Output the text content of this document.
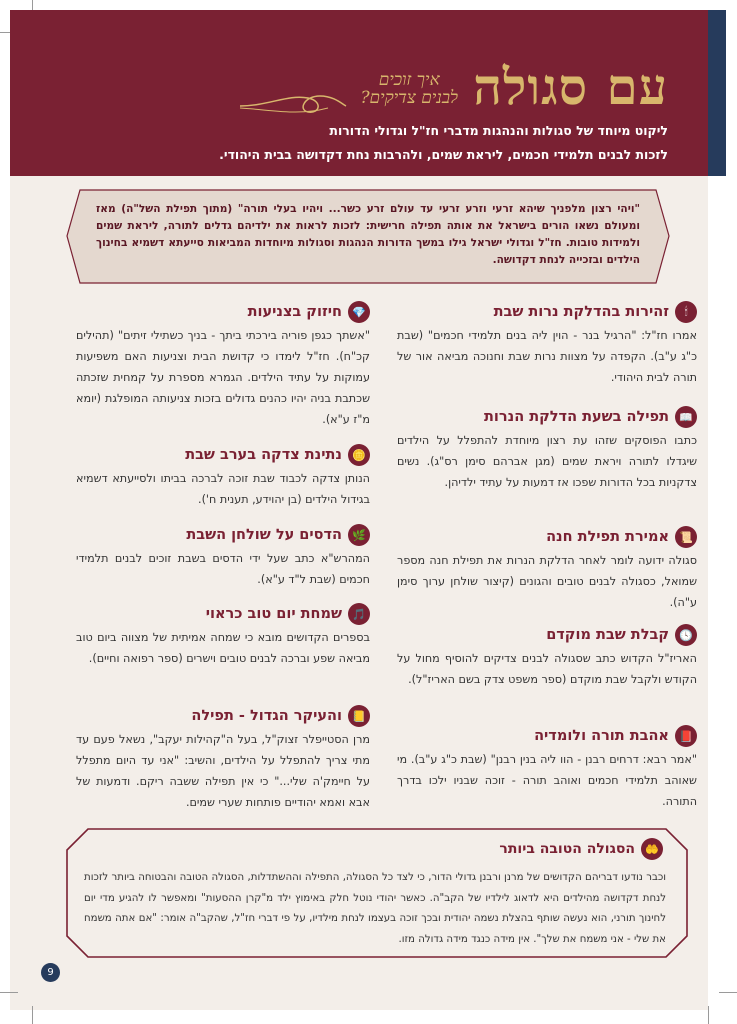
עם סגולה
איך זוכים
לבנים צדיקים?
ליקוט מיוחד של סגולות והנהגות מדברי חז"ל וגדולי הדורות
לזכות לבנים תלמידי חכמים, ליראת שמים, ולהרבות נחת דקדושה בבית היהודי.
"ויהי רצון מלפניך שיהא זרעי וזרע זרעי עד עולם זרע כשר... ויהיו בעלי תורה" (מתוך תפילת השל"ה) מאז ומעולם נשאו הורים בישראל את אותה תפילה חרישית: לזכות לראות את ילדיהם גדלים לתורה, ליראת שמים ולמידות טובות. חז"ל וגדולי ישראל גילו במשך הדורות הנהגות וסגולות מיוחדות המביאות סייעתא דשמיא בחינוך הילדים ובזכייה לנחת דקדושה.
🕯
זהירות בהדלקת נרות שבת
אמרו חז"ל: "הרגיל בנר - הוין ליה בנים תלמידי חכמים" (שבת כ"ג ע"ב). הקפדה על מצוות נרות שבת וחנוכה מביאה אור של תורה לבית היהודי.
📖
תפילה בשעת הדלקת הנרות
כתבו הפוסקים שזהו עת רצון מיוחדת להתפלל על הילדים שיגדלו לתורה ויראת שמים (מגן אברהם סימן רס"ג). נשים צדקניות בכל הדורות שפכו אז דמעות על עתיד ילדיהן.
📜
אמירת תפילת חנה
סגולה ידועה לומר לאחר הדלקת הנרות את תפילת חנה מספר שמואל, כסגולה לבנים טובים והגונים (קיצור שולחן ערוך סימן ע"ה).
🕓
קבלת שבת מוקדם
האריז"ל הקדוש כתב שסגולה לבנים צדיקים להוסיף מחול על הקודש ולקבל שבת מוקדם (ספר משפט צדק בשם האריז"ל).
📕
אהבת תורה ולומדיה
"אמר רבא: דרחים רבנן - הוו ליה בנין רבנן" (שבת כ"ג ע"ב). מי שאוהב תלמידי חכמים ואוהב תורה - זוכה שבניו ילכו בדרך התורה.
💎
חיזוק בצניעות
"אשתך כגפן פוריה בירכתי ביתך - בניך כשתילי זיתים" (תהילים קכ"ח). חז"ל לימדו כי קדושת הבית וצניעות האם משפיעות עמוקות על עתיד הילדים. הגמרא מספרת על קמחית שזכתה שכתבת בניה יהיו כהנים גדולים בזכות צניעותה המופלגת (יומא מ"ז ע"א).
🪙
נתינת צדקה בערב שבת
הנותן צדקה לכבוד שבת זוכה לברכה בביתו ולסייעתא דשמיא בגידול הילדים (בן יהוידע, תענית ח').
🌿
הדסים על שולחן השבת
המהרש"א כתב שעל ידי הדסים בשבת זוכים לבנים תלמידי חכמים (שבת ל"ד ע"א).
🎵
שמחת יום טוב כראוי
בספרים הקדושים מובא כי שמחה אמיתית של מצווה ביום טוב מביאה שפע וברכה לבנים טובים וישרים (ספר רפואה וחיים).
📒
והעיקר הגדול - תפילה
מרן הסטייפלר זצוק"ל, בעל ה"קהילות יעקב", נשאל פעם עד מתי צריך להתפלל על הילדים, והשיב: "אני עד היום מתפלל על חיימק'ה שלי..." כי אין תפילה ששבה ריקם. ודמעות של אבא ואמא יהודיים פותחות שערי שמים.
🤲
הסגולה הטובה ביותר
וכבר נודעו דבריהם הקדושים של מרנן ורבנן גדולי הדור, כי לצד כל הסגולה, התפילה וההשתדלות, הסגולה הטובה והבטוחה ביותר לזכות לנחת דקדושה מהילדים היא לדאוג לילדיו של הקב"ה. כאשר יהודי נוטל חלק באימוץ ילד מ"קרן ההסעות" ומאפשר לו להגיע מדי יום לחינוך תורני, הוא נעשה שותף בהצלת נשמה יהודית ובכך זוכה בעצמו לנחת מילדיו, על פי דברי חז"ל, שהקב"ה אומר: "אם אתה משמח את שלי - אני משמח את שלך". אין מידה כנגד מידה גדולה מזו.
9
